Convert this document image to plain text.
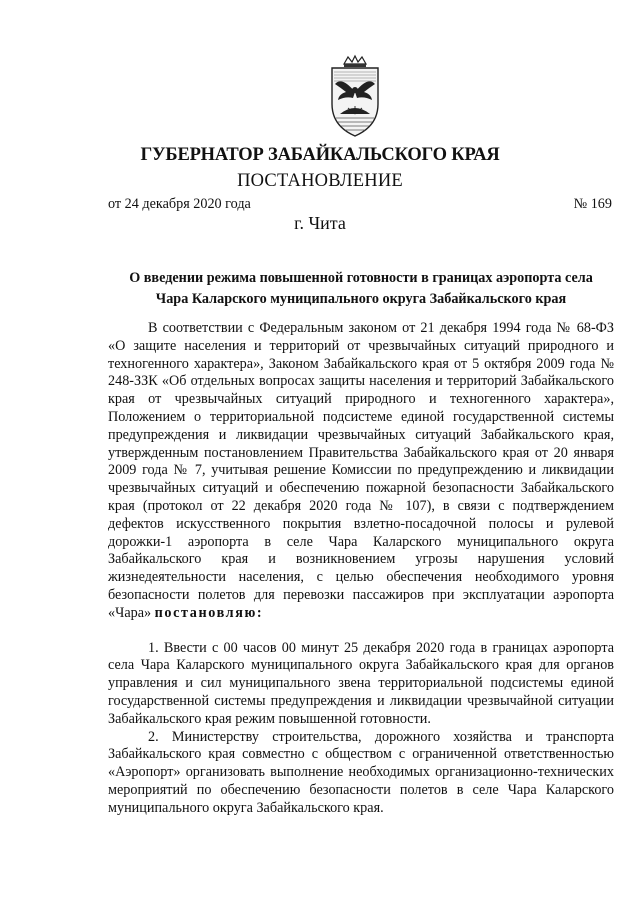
ГУБЕРНАТОР ЗАБАЙКАЛЬСКОГО КРАЯ
ПОСТАНОВЛЕНИЕ
от 24 декабря 2020 года	№ 169
г. Чита
О введении режима повышенной готовности в границах аэропорта села
Чара Каларского муниципального округа Забайкальского края

В соответствии с Федеральным законом от 21 декабря 1994 года № 68-ФЗ «О защите населения и территорий от чрезвычайных ситуаций природного и техногенного характера», Законом Забайкальского края от 5 октября 2009 года № 248-ЗЗК «Об отдельных вопросах защиты населения и территорий Забайкальского края от чрезвычайных ситуаций природного и техногенного характера», Положением о территориальной подсистеме единой государственной системы предупреждения и ликвидации чрезвычайных ситуаций Забайкальского края, утвержденным постановлением Правительства Забайкальского края от 20 января 2009 года № 7, учитывая решение Комиссии по предупреждению и ликвидации чрезвычайных ситуаций и обеспечению пожарной безопасности Забайкальского края (протокол от 22 декабря 2020 года № 107), в связи с подтверждением дефектов искусственного покрытия взлетно-посадочной полосы и рулевой дорожки-1 аэропорта в селе Чара Каларского муниципального округа Забайкальского края и возникновением угрозы нарушения условий жизнедеятельности населения, с целью обеспечения необходимого уровня безопасности полетов для перевозки пассажиров при эксплуатации аэропорта «Чара» постановляю:

1. Ввести с 00 часов 00 минут 25 декабря 2020 года в границах аэропорта села Чара Каларского муниципального округа Забайкальского края для органов управления и сил муниципального звена территориальной подсистемы единой государственной системы предупреждения и ликвидации чрезвычайной ситуации Забайкальского края режим повышенной готовности.

2. Министерству строительства, дорожного хозяйства и транспорта Забайкальского края совместно с обществом с ограниченной ответственностью «Аэропорт» организовать выполнение необходимых организационно-технических мероприятий по обеспечению безопасности полетов в селе Чара Каларского муниципального округа Забайкальского края.
